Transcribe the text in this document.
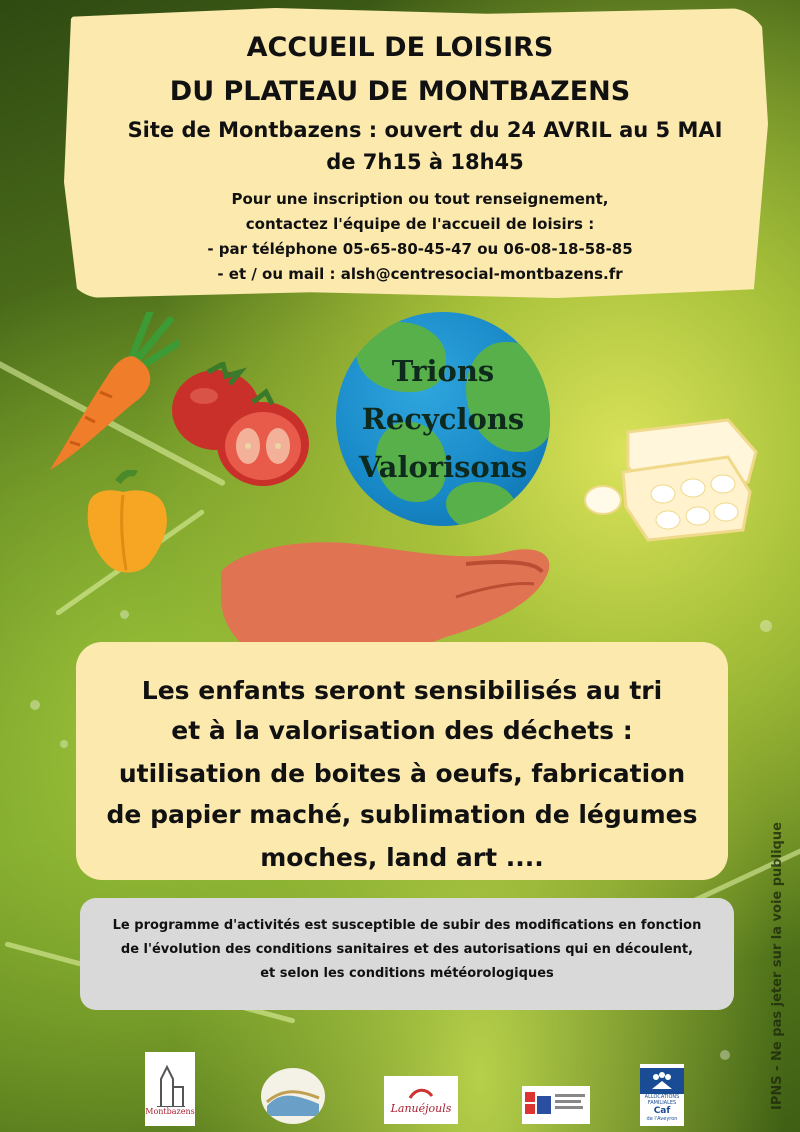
ACCUEIL DE LOISIRS
DU PLATEAU DE MONTBAZENS
Site de Montbazens : ouvert du 24 AVRIL au 5 MAI
de 7h15 à 18h45
Pour une inscription ou tout renseignement,
contactez l'équipe de l'accueil de loisirs :
- par téléphone 05-65-80-45-47 ou 06-08-18-58-85
- et / ou mail : alsh@centresocial-montbazens.fr
Trions
Recyclons
Valorisons
Les enfants seront sensibilisés au tri
et à la valorisation des déchets :
utilisation de boites à oeufs, fabrication
de papier maché, sublimation de légumes
moches, land art ....
Le programme d'activités est susceptible de subir des modifications en fonction
de l'évolution des conditions sanitaires et des autorisations qui en découlent,
et selon les conditions météorologiques
Montbazens	Lanuéjouls
ALLOCATIONS
FAMILIALES
Caf
de l'Aveyron
IPNS - Ne pas jeter sur la voie publique
